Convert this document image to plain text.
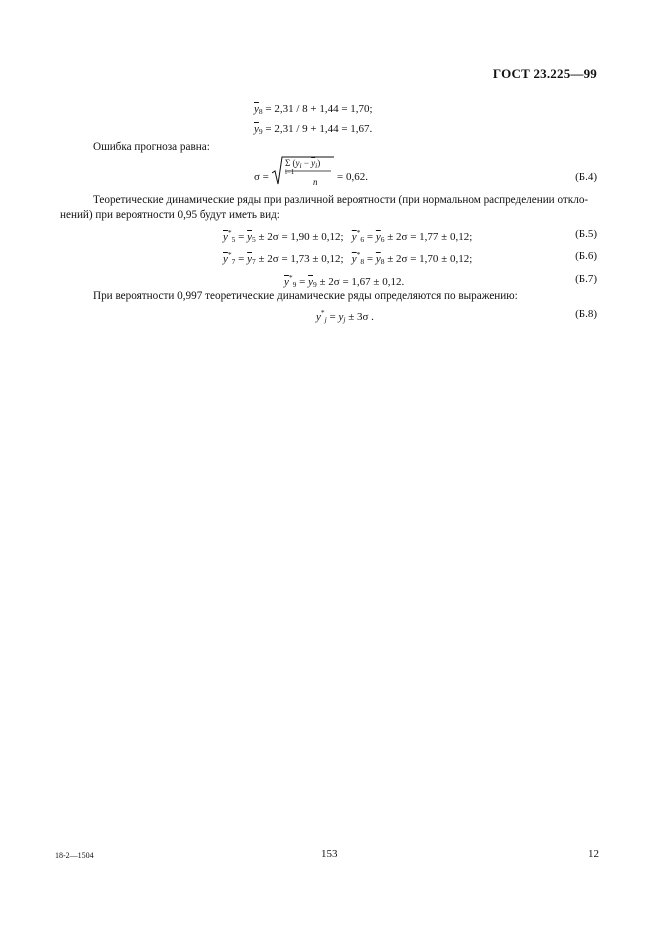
ГОСТ 23.225—99
$\overline{y}_8 = 2,31 / 8 + 1,44 = 1,70$;
$\overline{y}_9 = 2,31 / 9 + 1,44 = 1,67$.
Ошибка прогноза равна:
σ =
Σ $(y_i - \overline{y}_i)$
i=1
n = 0,62.	(Б.4)
Теоретические динамические ряды при различной вероятности (при нормальном распределении откло-
нений) при вероятности 0,95 будут иметь вид:
$\overline{y}^*_5 = \overline{y}_5 \pm 2\sigma = 1,90 \pm 0,12$; $\overline{y}^*_6 = \overline{y}_6 \pm 2\sigma = 1,77 \pm 0,12$;	(Б.5)
$\overline{y}^*_7 = \overline{y}_7 \pm 2\sigma = 1,73 \pm 0,12$; $\overline{y}^*_8 = \overline{y}_8 \pm 2\sigma = 1,70 \pm 0,12$;	(Б.6)
$\overline{y}^*_9 = \overline{y}_9 \pm 2\sigma = 1,67 \pm 0,12$.	(Б.7)
При вероятности 0,997 теоретические динамические ряды определяются по выражению:
$y^*_j = y_j \pm 3\sigma$ .	(Б.8)
18-2—1504	153	12
